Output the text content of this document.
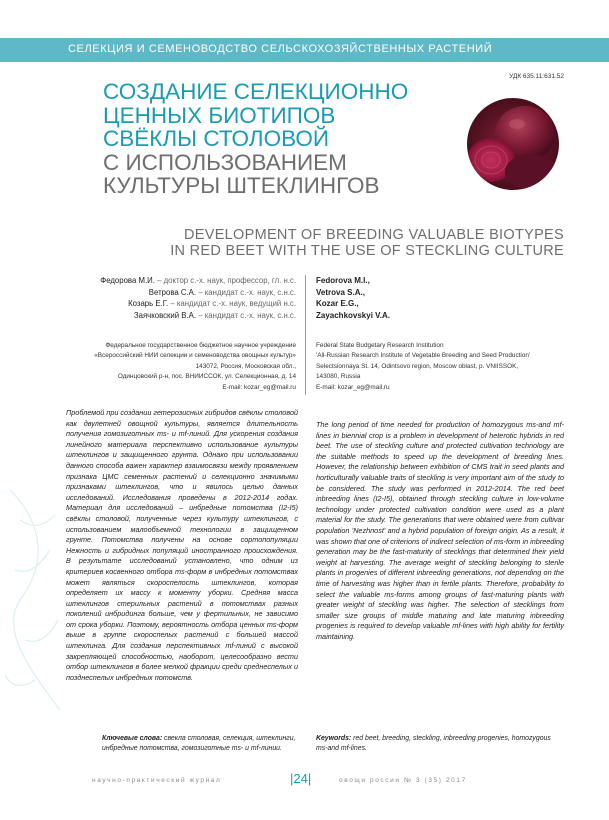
СЕЛЕКЦИЯ И СЕМЕНОВОДСТВО СЕЛЬСКОХОЗЯЙСТВЕННЫХ РАСТЕНИЙ
УДК 635.11:631.52
СОЗДАНИЕ СЕЛЕКЦИОННО
ЦЕННЫХ БИОТИПОВ
СВЁКЛЫ СТОЛОВОЙ
С ИСПОЛЬЗОВАНИЕМ
КУЛЬТУРЫ ШТЕКЛИНГОВ
DEVELOPMENT OF BREEDING VALUABLE BIOTYPES
IN RED BEET WITH THE USE OF STECKLING CULTURE
Федорова М.И. – доктор с.-х. наук, профессор, гл. н.с.
Ветрова С.А. – кандидат с.-х. наук, с.н.с.
Козарь Е.Г. – кандидат с.-х. наук, ведущий н.с.
Заячковский В.А. – кандидат с.-х. наук, с.н.с.
Fedorova M.I.,
Vetrova S.A.,
Kozar E.G.,
Zayachkovskyi V.A.
Федеральное государственное бюджетное научное учреждение
«Всероссийский НИИ селекции и семеноводства овощных культур»
143072, Россия, Московская обл.,
Одинцовский р-н, пос. ВНИИССОК, ул. Селекционная, д. 14
E-mail: kozar_eg@mail.ru
Federal State Budgetary Research Institution
'All-Russian Research Institute of Vegetable Breeding and Seed Production'
Selectsionnaya St. 14, Odintsovo region, Moscow oblast, p. VNIISSOK,
143080, Russia
E-mail: kozar_eg@mail.ru
Проблемой при создании гетерозисных гибридов свёклы столовой как двулетней овощной культуры, является длительность получения гомозиготных ms- и mf-линий. Для ускорения создания линейного материала перспективно использование культуры штеклингов и защищенного грунта. Однако при использовании данного способа важен характер взаимосвязи между проявлением признака ЦМС семенных растений и селекционно значимыми признаками штеклингов, что и явилось целью данных исследований. Исследования проведены в 2012-2014 годах. Материал для исследований – инбредные потомства (I2-I5) свёклы столовой, полученные через культуру штеклингов, с использованием малообъемной технологии в защищенном грунте. Потомства получены на основе сортопопуляции Нежность и гибридных популяций иностранного происхождения. В результате исследований установлено, что одним из критериев косвенного отбора ms-форм в инбредных потомствах может являться скороспелость штеклингов, которая определяет их массу к моменту уборки. Средняя масса штеклингов стерильных растений в потомствах разных поколений инбридинга больше, чем у фертильных, не зависимо от срока уборки. Поэтому, вероятность отбора ценных ms-форм выше в группе скороспелых растений с большей массой штеклинга. Для создания перспективных mf-линий с высокой закрепляющей способностью, наоборот, целесообразно вести отбор штеклингов в более мелкой фракции среди среднеспелых и позднеспелых инбредных потомств.
The long period of time needed for production of homozygous ms-and mf-lines in biennial crop is a problem in development of heterotic hybrids in red beet. The use of steckling culture and protected cultivation technology are the suitable methods to speed up the development of breeding lines. However, the relationship between exhibition of CMS trait in seed plants and horticulturally valuable traits of steckling is very important aim of the study to be considered. The study was performed in 2012-2014. The red beet inbreeding lines (I2-I5), obtained through steckling culture in low-volume technology under protected cultivation condition were used as a plant material for the study. The generations that were obtained were from cultivar population 'Nezhnost' and a hybrid population of foreign origin. As a result, it was shown that one of criterions of indirect selection of ms-form in inbreeding generation may be the fast-maturity of stecklings that determined their yield weight at harvesting. The average weight of steckling belonging to sterile plants in progenies of different inbreeding generations, not depending on the time of harvesting was higher than in fertile plants. Therefore, probability to select the valuable ms-forms among groups of fast-maturing plants with greater weight of steckling was higher. The selection of stecklings from smaller size groups of middle maturing and late maturing inbreeding progenies is required to develop valuable mf-lines with high ability for fertility maintaining.
Ключевые слова: свекла столовая, селекция, штеклинги, инбредные потомства, гомозиготные ms- и mf-линии.
Keywords: red beet, breeding, steckling, inbreeding progenies, homozygous ms-and mf-lines.
научно-практический журнал	|24|	овощи россии № 3 (35) 2017
